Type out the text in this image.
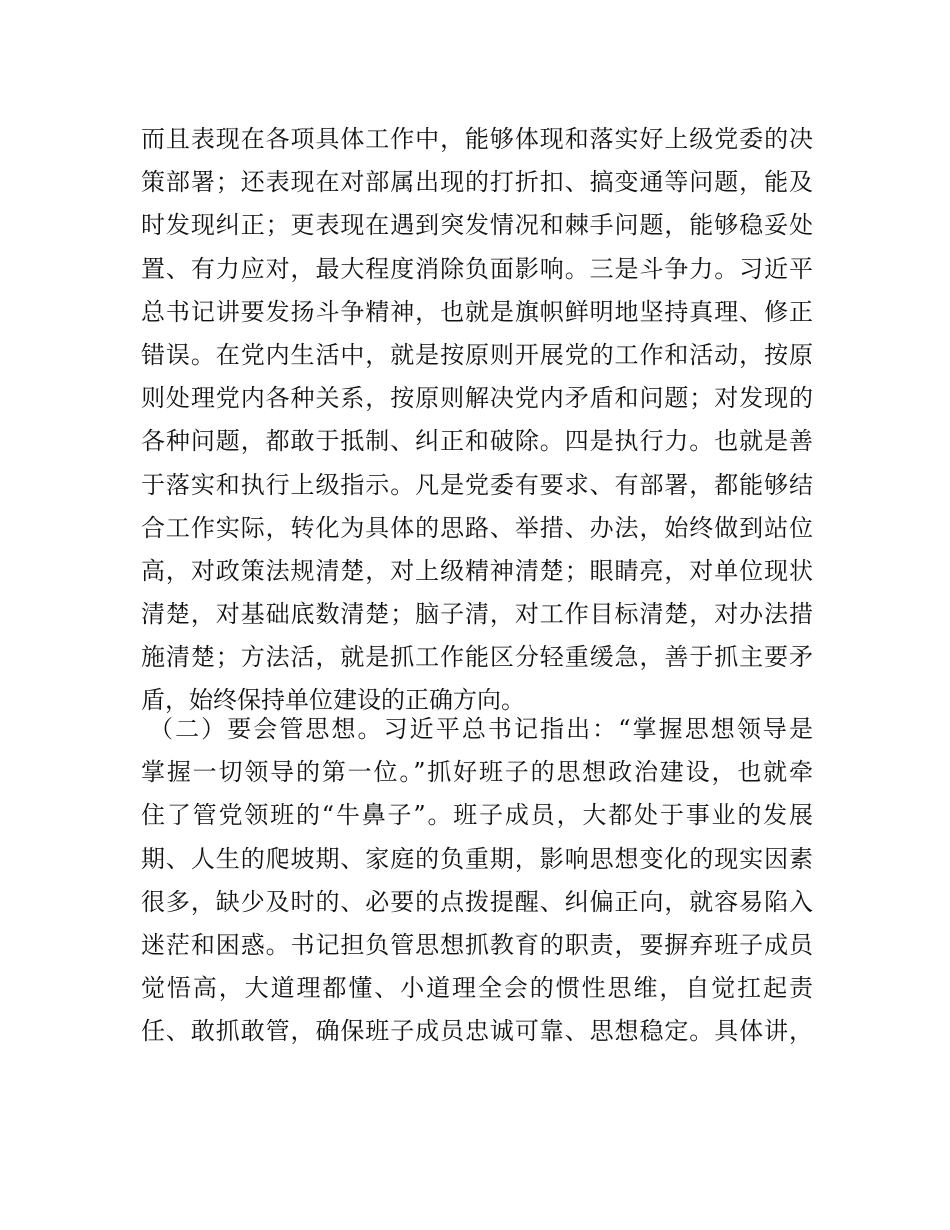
而且表现在各项具体工作中，能够体现和落实好上级党委的决
策部署；还表现在对部属出现的打折扣、搞变通等问题，能及
时发现纠正；更表现在遇到突发情况和棘手问题，能够稳妥处
置、有力应对，最大程度消除负面影响。三是斗争力。习近平
总书记讲要发扬斗争精神，也就是旗帜鲜明地坚持真理、修正
错误。在党内生活中，就是按原则开展党的工作和活动，按原
则处理党内各种关系，按原则解决党内矛盾和问题；对发现的
各种问题，都敢于抵制、纠正和破除。四是执行力。也就是善
于落实和执行上级指示。凡是党委有要求、有部署，都能够结
合工作实际，转化为具体的思路、举措、办法，始终做到站位
高，对政策法规清楚，对上级精神清楚；眼睛亮，对单位现状
清楚，对基础底数清楚；脑子清，对工作目标清楚，对办法措
施清楚；方法活，就是抓工作能区分轻重缓急，善于抓主要矛
盾，始终保持单位建设的正确方向。
（二）要会管思想。习近平总书记指出：“掌握思想领导是
掌握一切领导的第一位。”抓好班子的思想政治建设，也就牵
住了管党领班的“牛鼻子”。班子成员，大都处于事业的发展
期、人生的爬坡期、家庭的负重期，影响思想变化的现实因素
很多，缺少及时的、必要的点拨提醒、纠偏正向，就容易陷入
迷茫和困惑。书记担负管思想抓教育的职责，要摒弃班子成员
觉悟高，大道理都懂、小道理全会的惯性思维，自觉扛起责
任、敢抓敢管，确保班子成员忠诚可靠、思想稳定。具体讲，
